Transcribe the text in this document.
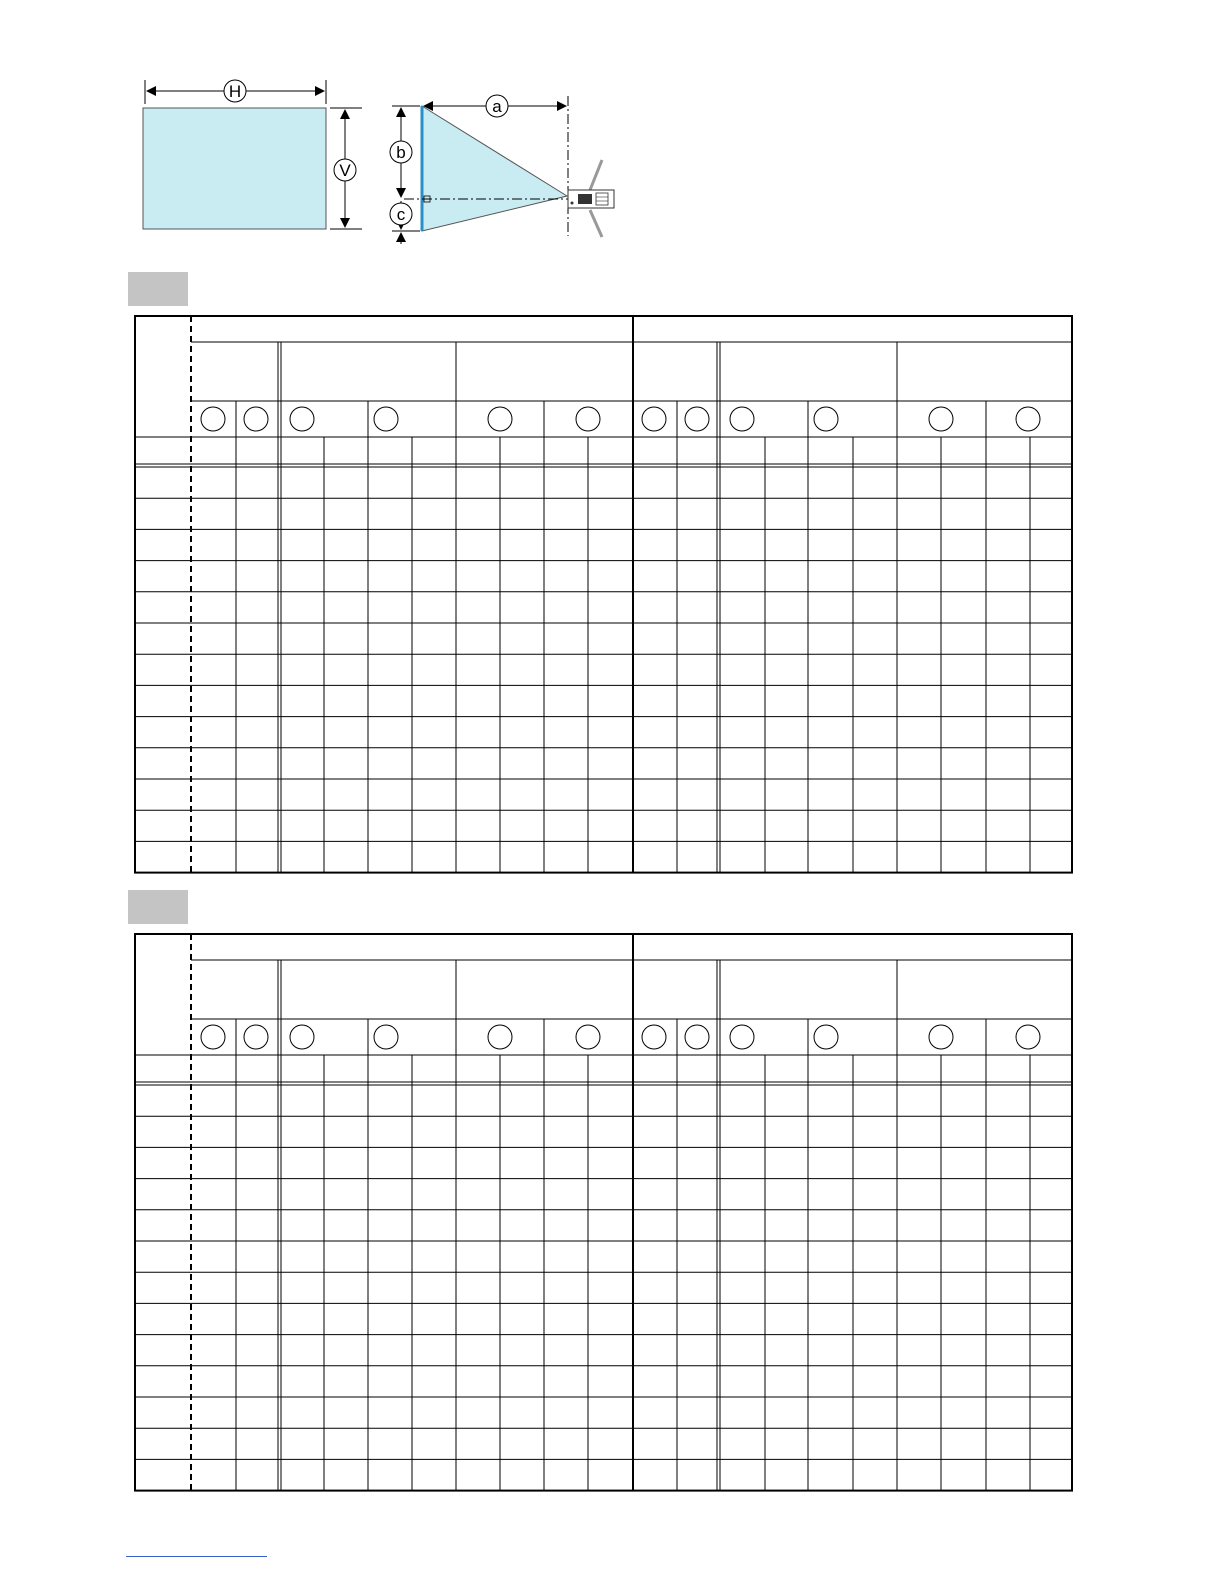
H
V
a
b
c
